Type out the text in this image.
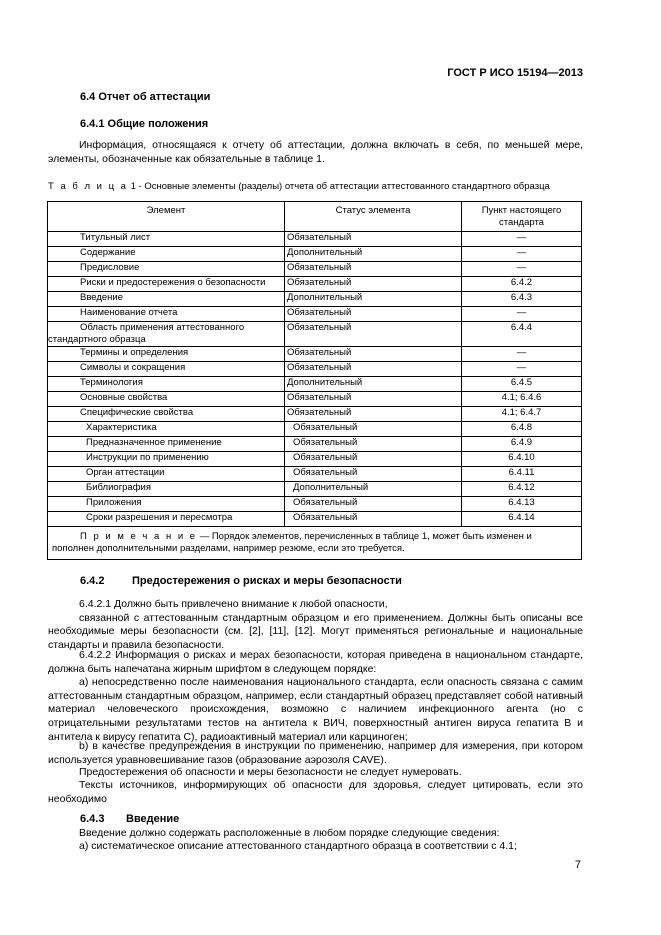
ГОСТ Р ИСО 15194—2013
6.4 Отчет об аттестации
6.4.1 Общие положения
Информация, относящаяся к отчету об аттестации, должна включать в себя, по меньшей мере, элементы, обозначенные как обязательные в таблице 1.
Т а б л и ц а 1 - Основные элементы (разделы) отчета об аттестации аттестованного стандартного образца
Элемент	Статус элемента	Пункт настоящего стандарта
Титульный лист	Обязательный	—
Содержание	Дополнительный	—
Предисловие	Обязательный	—
Риски и предостережения о безопасности	Обязательный	6.4.2
Введение	Дополнительный	6.4.3
Наименование отчета	Обязательный	—

Область применения аттестованного
стандартного образца	Обязательный	6.4.4
Термины и определения	Обязательный	—
Символы и сокращения	Обязательный	—
Терминология	Дополнительный	6.4.5
Основные свойства	Обязательный	4.1; 6.4.6
Специфические свойства	Обязательный	4.1; 6.4.7
Характеристика	Обязательный	6.4.8
Предназначенное применение	Обязательный	6.4.9
Инструкции по применению	Обязательный	6.4.10
Орган аттестации	Обязательный	6.4.11
Библиография	Дополнительный	6.4.12
Приложения	Обязательный	6.4.13
Сроки разрешения и пересмотра	Обязательный	6.4.14

П р и м е ч а н и е — Порядок элементов, перечисленных в таблице 1, может быть изменен и
пополнен дополнительными разделами, например резюме, если это требуется.		
6.4.2	Предостережения о рисках и меры безопасности
6.4.2.1 Должно быть привлечено внимание к любой опасности,
связанной с аттестованным стандартным образцом и его применением. Должны быть описаны все необходимые меры безопасности (см. [2], [11], [12]. Могут применяться региональные и национальные стандарты и правила безопасности.
6.4.2.2 Информация о рисках и мерах безопасности, которая приведена в национальном стандарте, должна быть напечатана жирным шрифтом в следующем порядке:
а) непосредственно после наименования национального стандарта, если опасность связана с самим аттестованным стандартным образцом, например, если стандартный образец представляет собой нативный материал человеческого происхождения, возможно с наличием инфекционного агента (но с отрицательными результатами тестов на антитела к ВИЧ, поверхностный антиген вируса гепатита В и антитела к вирусу гепатита С), радиоактивный материал или карциноген;
b) в качестве предупреждения в инструкции по применению, например для измерения, при котором используется уравновешивание газов (образование аэрозоля CAVE).
Предостережения об опасности и меры безопасности не следует нумеровать.
Тексты источников, информирующих об опасности для здоровья, следует цитировать, если это необходимо
6.4.3 Введение
Введение должно содержать расположенные в любом порядке следующие сведения:
а) систематическое описание аттестованного стандартного образца в соответствии с 4.1;
7
